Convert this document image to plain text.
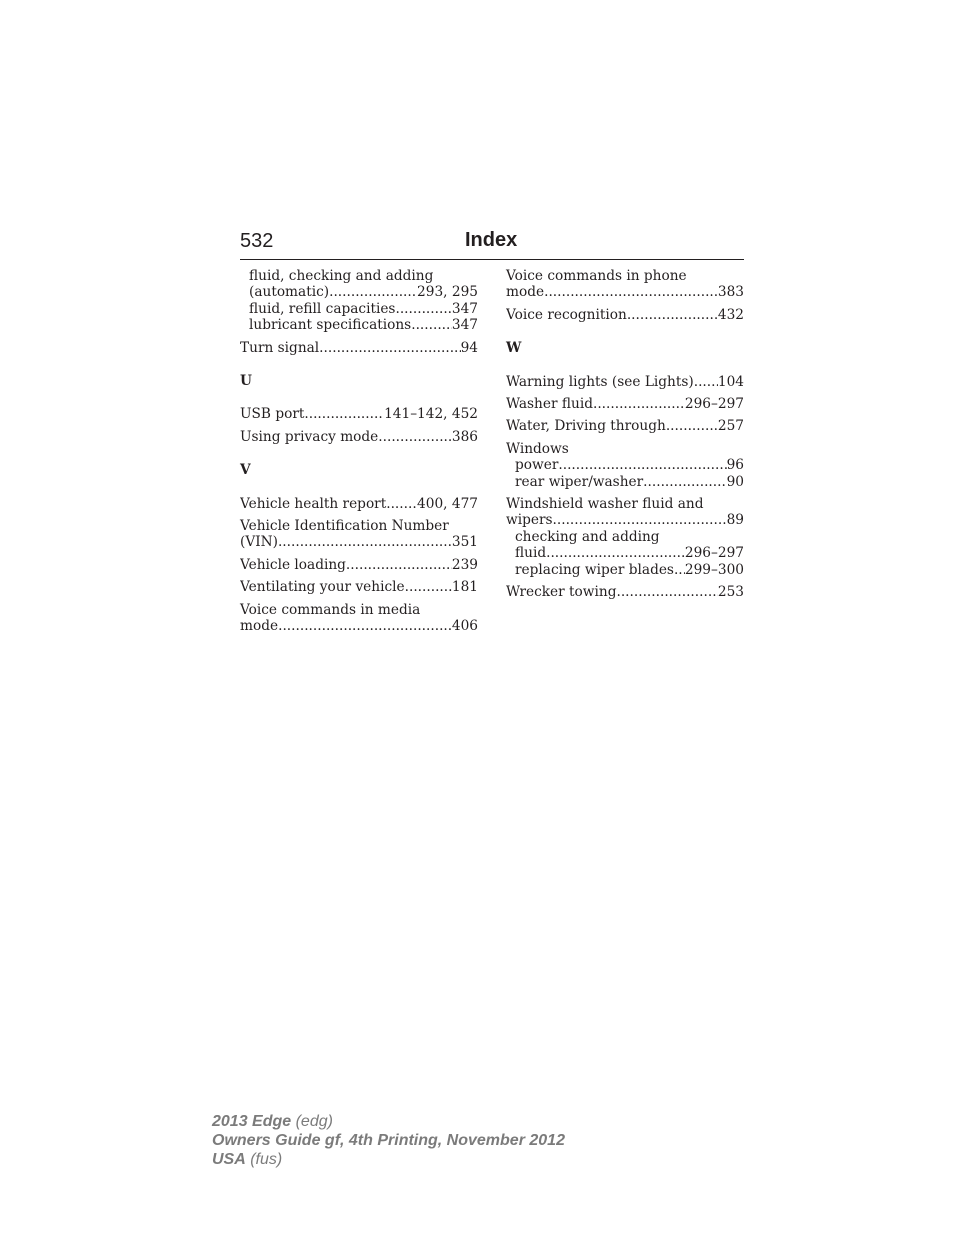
532	Index
fluid, checking and adding
(automatic) .....	293, 295
fluid, refill capacities .....	347
lubricant specifications .....	347
Turn signal .....	94
U
USB port .....	141–142, 452
Using privacy mode .....	386
V
Vehicle health report ..... 400, 477
Vehicle Identification Number
(VIN) .....	351
Vehicle loading .....	239
Ventilating your vehicle .....	181
Voice commands in media
mode .....	406
Voice commands in phone
mode .....	383
Voice recognition .....	432
W
Warning lights (see Lights) ..... 104
Washer fluid .....	296–297
Water, Driving through .....	257
Windows
power .....	96
rear wiper/washer .....	90
Windshield washer fluid and
wipers .....	89
checking and adding
fluid .....	296–297
replacing wiper blades ..... 299–300
Wrecker towing .....	253
2013 Edge (edg)
Owners Guide gf, 4th Printing, November 2012
USA (fus)
